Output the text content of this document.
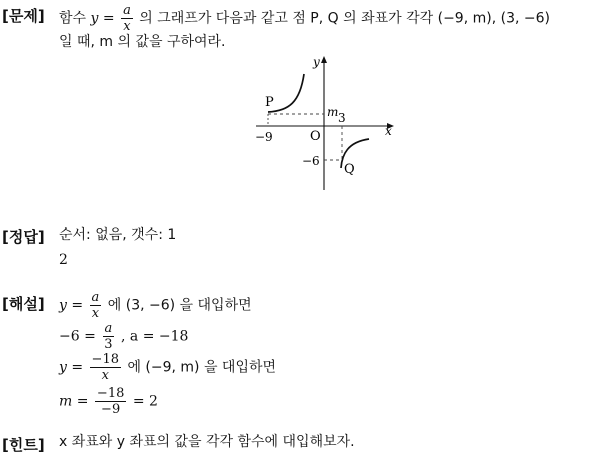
[문제] 함수 $y = \frac{a}{x}$ 의 그래프가 다음과 같고 점 P, Q 의 좌표가 각각 (−9, m), (3, −6)
일 때, m 의 값을 구하여라.
y
x
O
P
Q
−9
3
m
−6
[정답] 순서: 없음, 갯수: 1
2
[해설] $y = \frac{a}{x}$ 에 (3, −6) 을 대입하면
$-6 = \frac{a}{3}$ , a = −18
$y = \frac{-18}{x}$ 에 (−9, m) 을 대입하면
$m = \frac{-18}{-9} = 2$
[힌트] x 좌표와 y 좌표의 값을 각각 함수에 대입해보자.
